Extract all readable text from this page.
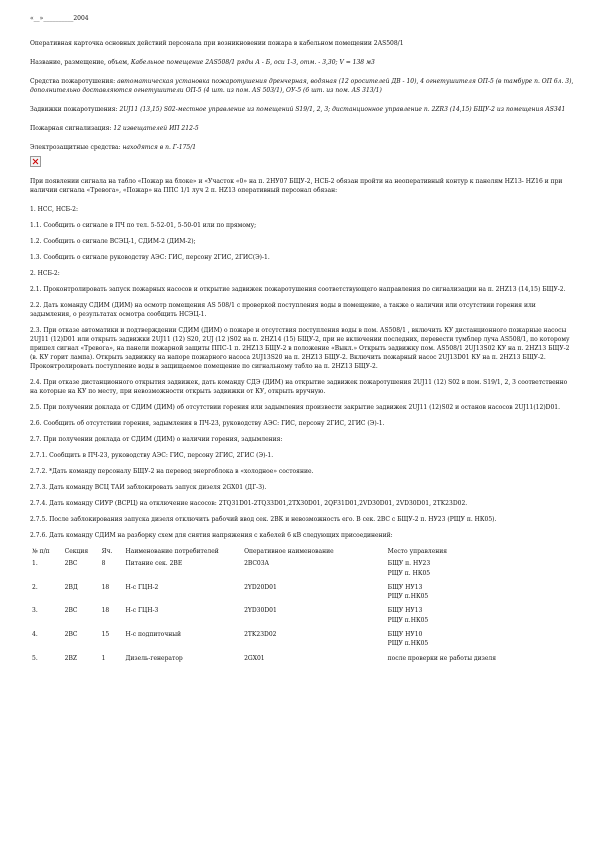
«__»__________2004

Оперативная карточка основных действий персонала при возникновении пожара в кабельном помещении 2АS508/1

Название, размещение, объем, Кабельное помещение 2АS508/1 ряды А - Б, оси 1-3, отм. - 3,30; V = 138 м3

Средства пожаротушения: автоматическая установка пожаротушения дренчерная, водяная (12 оросителей ДВ - 10), 4 огнетушителя ОП-5 (в тамбуре п. ОП 6л. 3), дополнительно доставляются огнетушители ОП-5 (4 шт. из пом. АS 503/1), ОУ-5 (6 шт. из пом. АS 313/1)

Задвижки пожаротушения: 2UJ11 (13,15) S02-местное управление из помещений S19/1, 2, 3; дистанционное управление п. 2ZR3 (14,15) БЩУ-2 из помещения АS341

Пожарная сигнализация: 12 извещателей ИП 212-5

Электрозащитные средства: находятся в п. Г-175/1

При появлении сигнала на табло «Пожар на блоке» и «Участок «0» на п. 2НУ07 БЩУ-2, НСБ-2 обязан пройти на неоперативный контур к панелям НZ13- НZ16 и при наличии сигнала «Тревога», «Пожар» на ППС 1/1 луч 2 п. НZ13 оперативный персонал обязан:

1. НСС, НСБ-2:

1.1. Сообщить о сигнале в ПЧ по тел. 5-52-01, 5-50-01 или по прямому;

1.2. Сообщить о сигнале ВСЭЦ-1, СДИМ-2 (ДИМ-2);

1.3. Сообщить о сигнале руководству АЭС: ГИС, персону 2ГИС, 2ГИС(Э)-1.

2. НСБ-2:

2.1. Проконтролировать запуск пожарных насосов и открытие задвижек пожаротушения соответствующего направления по сигнализации на п. 2НZ13 (14,15) БЩУ-2.

2.2. Дать команду СДИМ (ДИМ) на осмотр помещения АS 508/1 с проверкой поступления воды в помещение, а также о наличии или отсутствии горения или задымления, о результатах осмотра сообщить НСЭЦ-1.

2.3. При отказе автоматики и подтверждении СДИМ (ДИМ) о пожаре и отсутствия поступления воды в пом. АS508/1 , включить КУ дистанционного пожарные насосы 2UJ11 (12)D01 или открыть задвижки 2UJ11 (12) S20, 2UJ (12 )S02 на п. 2НZ14 (15) БЩУ-2, при не включении последних, перевести тумблер луча АS508/1, по которому пришел сигнал «Тревога», на панели пожарной защиты ППС-1 п. 2НZ13 БЩУ-2 в положение «Выкл.» Открыть задвижку пом. АS508/1 2UJ13S02 КУ на п. 2НZ13 БЩУ-2 (в. КУ горит лампа). Открыть задвижку на напоре пожарного насоса 2UJ13S20 на п. 2НZ13 БЩУ-2. Включить пожарный насос 2UJ13D01 КУ на п. 2НZ13 БЩУ-2. Проконтролировать поступление воды в защищаемое помещение по сигнальному табло на п. 2НZ13 БЩУ-2.

2.4. При отказе дистанционного открытия задвижек, дать команду СДЭ (ДИМ) на открытие задвижек пожаротушения 2UJ11 (12) S02 в пом. S19/1, 2, 3 соответственно на которые на КУ по месту, при невозможности открыть задвижки от КУ, открыть вручную.

2.5. При получении доклада от СДИМ (ДИМ) об отсутствии горения или задымления произвести закрытие задвижек 2UJ11 (12)S02 и останов насосов 2UJ11(12)D01.

2.6. Сообщить об отсутствии горения, задымления в ПЧ-23, руководству АЭС: ГИС, персону 2ГИС, 2ГИС (Э)-1.

2.7. При получении доклада от СДИМ (ДИМ) о наличии горения, задымления:

2.7.1. Сообщить в ПЧ-23, руководству АЭС: ГИС, персону 2ГИС, 2ГИС (Э)-1.

2.7.2. *Дать команду персоналу БЩУ-2 на перевод энергоблока в «холодное» состояние.

2.7.3. Дать команду ВСЦ ТАИ заблокировать запуск дизеля 2GX01 (ДГ-3).

2.7.4. Дать команду СИУР (ВСРЦ) на отключение насосов: 2TQ31D01-2TQ33D01,2TX30D01, 2QF31D01,2VD30D01, 2VD30D01, 2TK23D02.

2.7.5. После заблокирования запуска дизеля отключить рабочий ввод сек. 2ВК и невозможность его. В сек. 2ВС с БЩУ-2 п. НУ23 (РЩУ п. НК05).

2.7.6. Дать команду СДИМ на разборку схем для снятия напряжения с кабелей 6 кВ следующих присоединений:

№ п/п	Секция	Яч.	Наименование потребителей	Оперативное наименование	Место управления
1.	2ВС	8	Питание сек. 2ВЕ	2ВС03А	БЩУ п. НУ23
РЩУ п. НК05

2.	2ВД	18	Н-с ГЦН-2	2YD20D01	БЩУ НУ13
РЩУ п.НК05

3.	2ВС	18	Н-с ГЦН-3	2YD30D01	БЩУ НУ13
РЩУ п.НК05

4.	2ВС	15	Н-с подпиточный	2TK23D02	БЩУ НУ10
РЩУ п.НК05

5.	2ВZ	1	Дизель-генератор	2GX01	после проверки не работы дизеля
